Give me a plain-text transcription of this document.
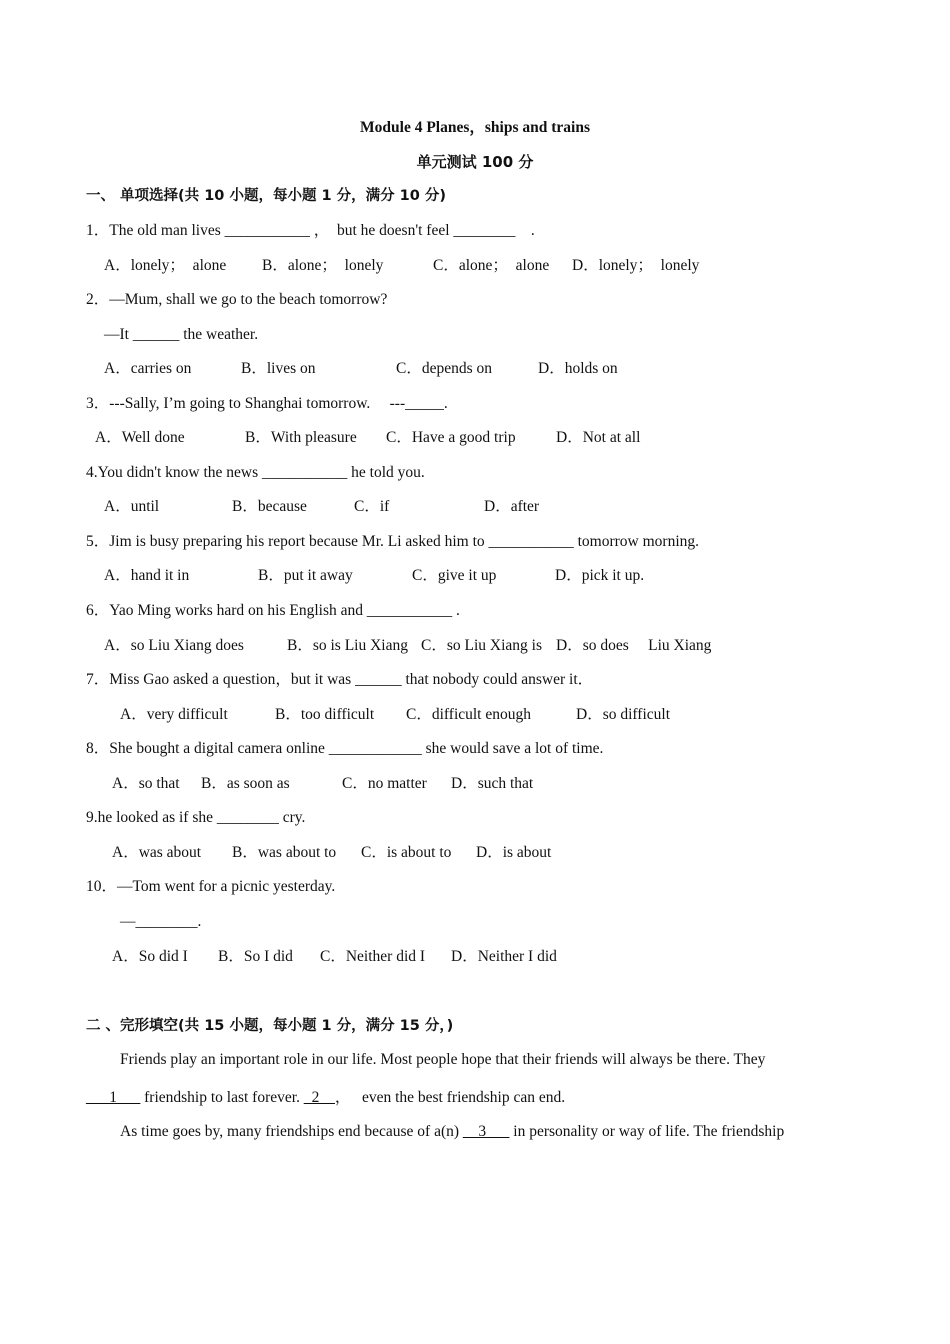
Module 4 Planes，ships and trains
单元测试 100 分
一、 单项选择(共 10 小题，每小题 1 分，满分 10 分)
1．The old man lives ___________ ，  but he doesn't feel ________    .
A．lonely；  alone B．alone；  lonely	C．alone；  alone D．lonely；  lonely
2．—Mum, shall we go to the beach tomorrow?
—It ______ the weather.
A．carries on	B．lives on	C．depends on	D．holds on
3．---Sally, I’m going to Shanghai tomorrow.     ---_____.
A．Well done	B．With pleasure C．Have a good trip	D．Not at all
4.You didn't know the news ___________ he told you.
A．until	B．because	C．if	D．after
5．Jim is busy preparing his report because Mr. Li asked him to ___________ tomorrow morning.
A．hand it in	B．put it away	C．give it up	D．pick it up.
6．Yao Ming works hard on his English and ___________ .
A．so Liu Xiang does	B．so is Liu Xiang C．so Liu Xiang is D．so does     Liu Xiang
7．Miss Gao asked a question，but it was ______ that nobody could answer it．
A．very difficult	B．too difficult C．difficult enough	D．so difficult
8．She bought a digital camera online ____________ she would save a lot of time.
A．so that B．as soon as	C．no matter D．such that
9.he looked as if she ________ cry.
A．was about B．was about to C．is about to D．is about
10．—Tom went for a picnic yesterday.
—________.
A．So did I B．So I did C．Neither did I D．Neither I did
二 、完形填空(共 15 小题，每小题 1 分，满分 15 分，)
Friends play an important role in our life. Most people hope that their friends will always be there. They
___1___ friendship to last forever. _2__，   even the best friendship can end.
As time goes by, many friendships end because of a(n) __3___ in personality or way of life. The friendship
